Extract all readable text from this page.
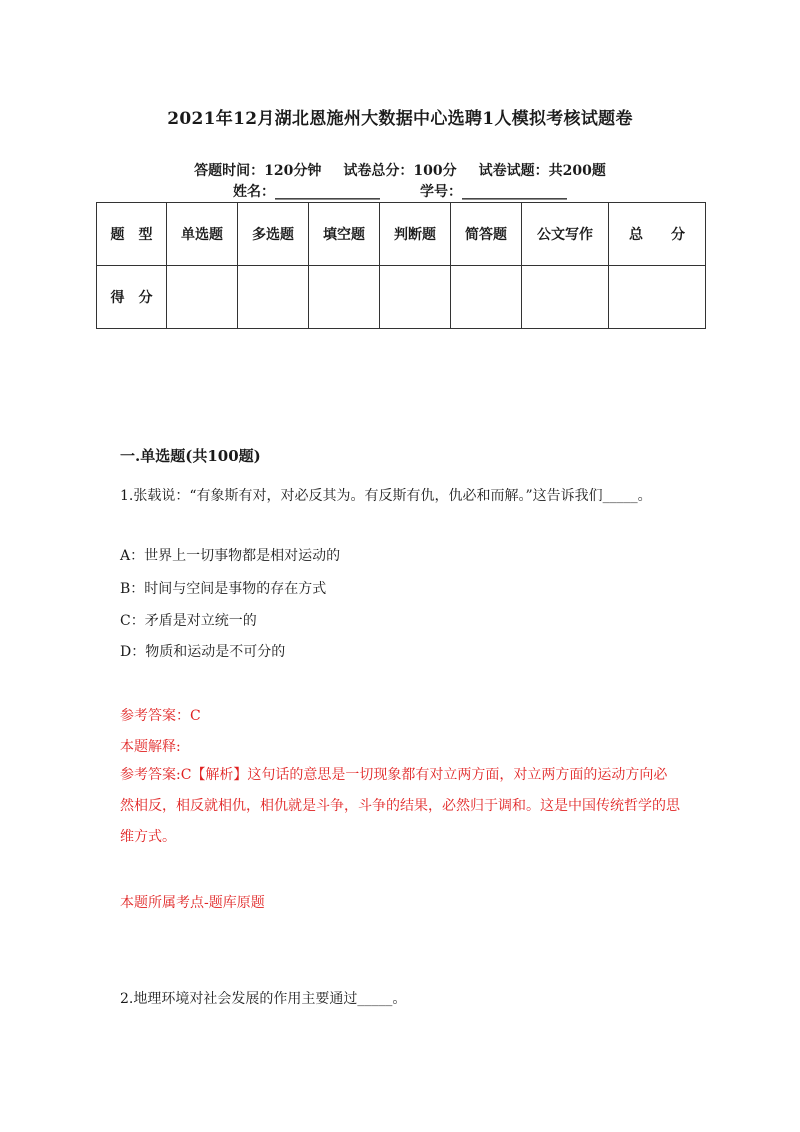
2021年12月湖北恩施州大数据中心选聘1人模拟考核试题卷
答题时间：120分钟 试卷总分：100分 试卷试题：共200题
姓名：_______________	学号：_______________
题　型	单选题	多选题	填空题	判断题	简答题	公文写作	总　　分
得　分							
一.单选题(共100题)
1.张载说：“有象斯有对，对必反其为。有反斯有仇，仇必和而解。”这告诉我们_____。
A：世界上一切事物都是相对运动的
B：时间与空间是事物的存在方式
C：矛盾是对立统一的
D：物质和运动是不可分的
参考答案：C
本题解释:
参考答案:C【解析】这句话的意思是一切现象都有对立两方面，对立两方面的运动方向必然相反，相反就相仇，相仇就是斗争，斗争的结果，必然归于调和。这是中国传统哲学的思维方式。
本题所属考点-题库原题
2.地理环境对社会发展的作用主要通过_____。
